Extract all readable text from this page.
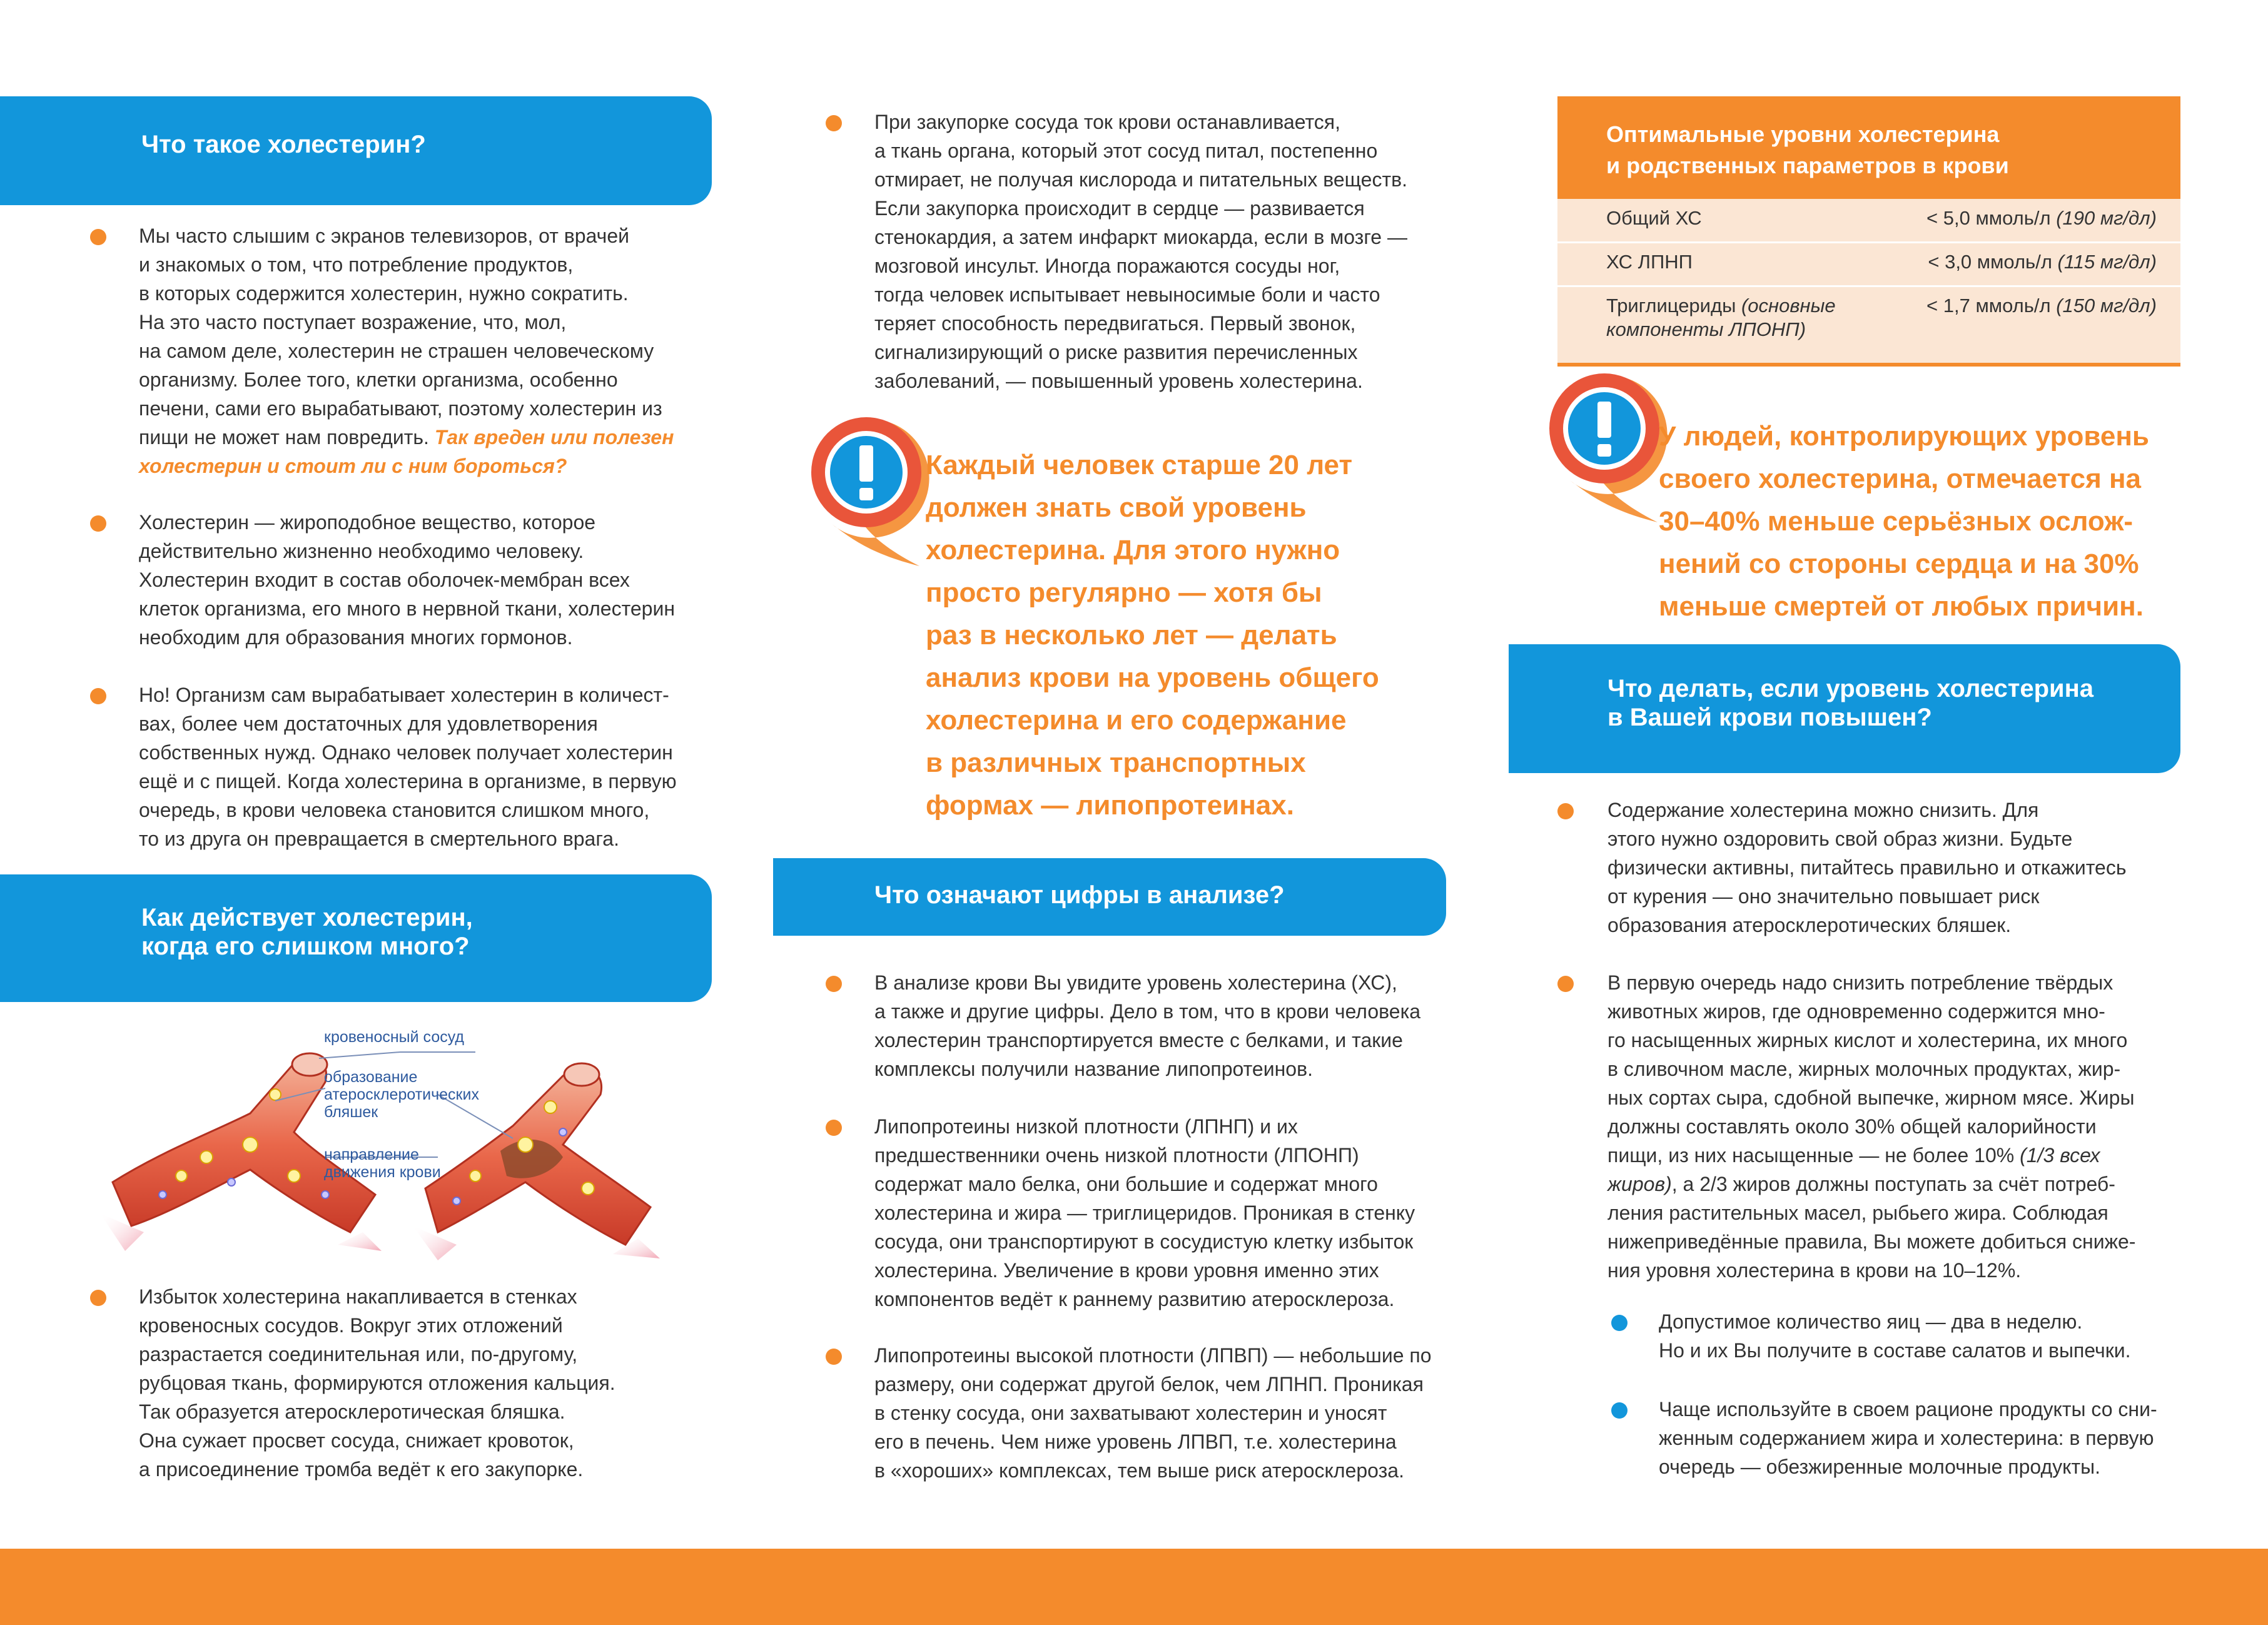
Что такое холестерин?
Мы часто слышим с экранов телевизоров, от врачей
и знакомых о том, что потребление продуктов,
в которых содержится холестерин, нужно сократить.
На это часто поступает возражение, что, мол,
на самом деле, холестерин не страшен человеческому
организму. Более того, клетки организма, особенно
печени, сами его вырабатывают, поэтому холестерин из
пищи не может нам повредить. Так вреден или полезен
холестерин и стоит ли с ним бороться?
Холестерин — жироподобное вещество, которое
действительно жизненно необходимо человеку.
Холестерин входит в состав оболочек-мембран всех
клеток организма, его много в нервной ткани, холестерин
необходим для образования многих гормонов.
Но! Организм сам вырабатывает холестерин в количест-
вах, более чем достаточных для удовлетворения
собственных нужд. Однако человек получает холестерин
ещё и с пищей. Когда холестерина в организме, в первую
очередь, в крови человека становится слишком много,
то из друга он превращается в смертельного врага.
Как действует холестерин,
когда его слишком много?
кровеносный сосуд
образование
атеросклеротических
бляшек
направление
движения крови
Избыток холестерина накапливается в стенках
кровеносных сосудов. Вокруг этих отложений
разрастается соединительная или, по-другому,
рубцовая ткань, формируются отложения кальция.
Так образуется атеросклеротическая бляшка.
Она сужает просвет сосуда, снижает кровоток,
а присоединение тромба ведёт к его закупорке.
При закупорке сосуда ток крови останавливается,
а ткань органа, который этот сосуд питал, постепенно
отмирает, не получая кислорода и питательных веществ.
Если закупорка происходит в сердце — развивается
стенокардия, а затем инфаркт миокарда, если в мозге —
мозговой инсульт. Иногда поражаются сосуды ног,
тогда человек испытывает невыносимые боли и часто
теряет способность передвигаться. Первый звонок,
сигнализирующий о риске развития перечисленных
заболеваний, — повышенный уровень холестерина.
Каждый человек старше 20 лет
должен знать свой уровень
холестерина. Для этого нужно
просто регулярно — хотя бы
раз в несколько лет — делать
анализ крови на уровень общего
холестерина и его содержание
в различных транспортных
формах — липопротеинах.
Что означают цифры в анализе?
В анализе крови Вы увидите уровень холестерина (ХС),
а также и другие цифры. Дело в том, что в крови человека
холестерин транспортируется вместе с белками, и такие
комплексы получили название липопротеинов.
Липопротеины низкой плотности (ЛПНП) и их
предшественники очень низкой плотности (ЛПОНП)
содержат мало белка, они большие и содержат много
холестерина и жира — триглицеридов. Проникая в стенку
сосуда, они транспортируют в сосудистую клетку избыток
холестерина. Увеличение в крови уровня именно этих
компонентов ведёт к раннему развитию атеросклероза.
Липопротеины высокой плотности (ЛПВП) — небольшие по
размеру, они содержат другой белок, чем ЛПНП. Проникая
в стенку сосуда, они захватывают холестерин и уносят
его в печень. Чем ниже уровень ЛПВП, т.е. холестерина
в «хороших» комплексах, тем выше риск атеросклероза.
Оптимальные уровни холестерина
и родственных параметров в крови
Общий ХС	< 5,0 ммоль/л (190 мг/дл)
ХС ЛПНП	< 3,0 ммоль/л (115 мг/дл)
Триглицериды (основные
компоненты ЛПОНП)
< 1,7 ммоль/л (150 мг/дл)
У людей, контролирующих уровень
своего холестерина, отмечается на
30–40% меньше серьёзных ослож-
нений со стороны сердца и на 30%
меньше смертей от любых причин.
Что делать, если уровень холестерина
в Вашей крови повышен?
Содержание холестерина можно снизить. Для
этого нужно оздоровить свой образ жизни. Будьте
физически активны, питайтесь правильно и откажитесь
от курения — оно значительно повышает риск
образования атеросклеротических бляшек.
В первую очередь надо снизить потребление твёрдых
животных жиров, где одновременно содержится мно-
го насыщенных жирных кислот и холестерина, их много
в сливочном масле, жирных молочных продуктах, жир-
ных сортах сыра, сдобной выпечке, жирном мясе. Жиры
должны составлять около 30% общей калорийности
пищи, из них насыщенные — не более 10% (1/3 всех
жиров), а 2/3 жиров должны поступать за счёт потреб-
ления растительных масел, рыбьего жира. Соблюдая
нижеприведённые правила, Вы можете добиться сниже-
ния уровня холестерина в крови на 10–12%.
Допустимое количество яиц — два в неделю.
Но и их Вы получите в составе салатов и выпечки.
Чаще используйте в своем рационе продукты со сни-
женным содержанием жира и холестерина: в первую
очередь — обезжиренные молочные продукты.
